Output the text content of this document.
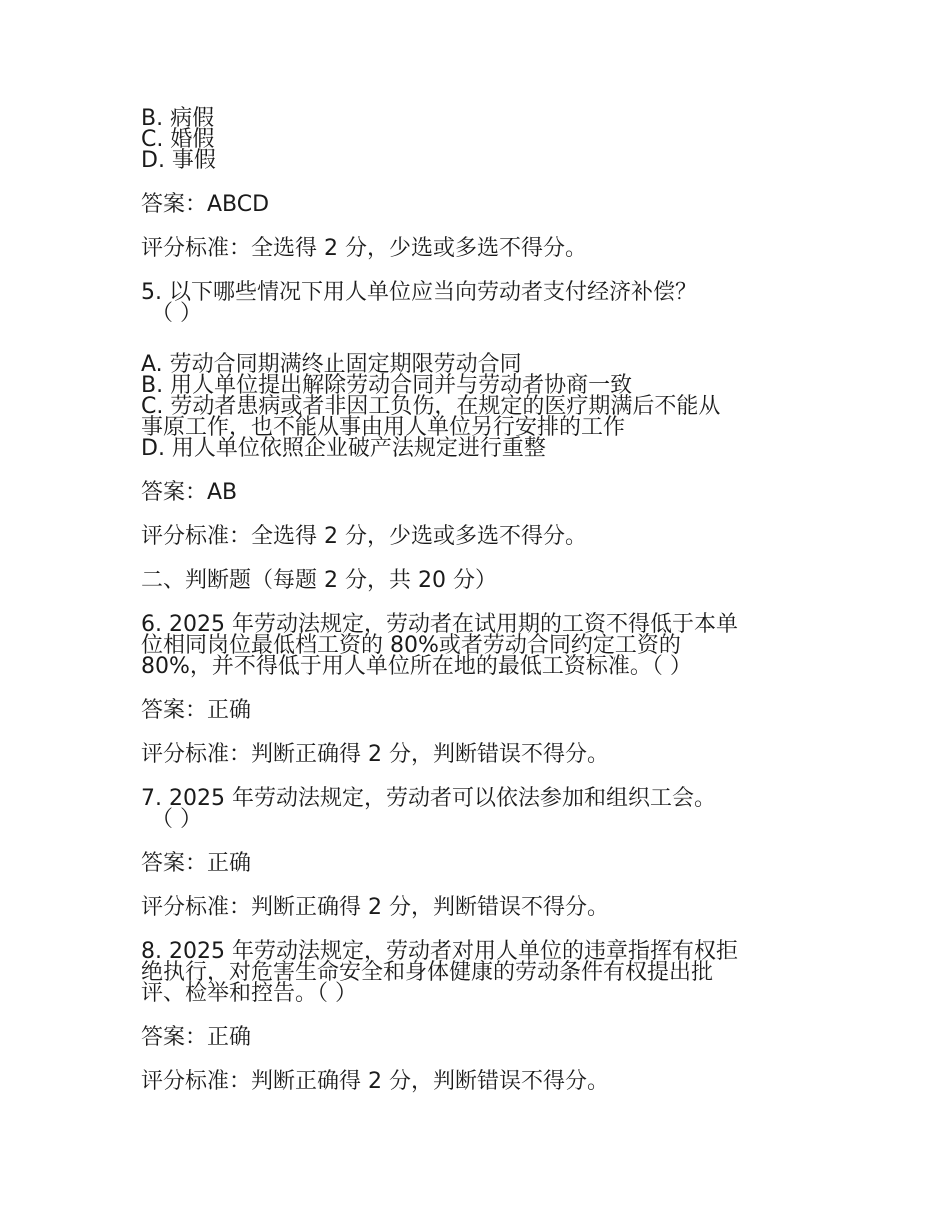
B. 病假
C. 婚假
D. 事假
答案：ABCD
评分标准：全选得 2 分，少选或多选不得分。
5. 以下哪些情况下用人单位应当向劳动者支付经济补偿？
（ ）
A. 劳动合同期满终止固定期限劳动合同
B. 用人单位提出解除劳动合同并与劳动者协商一致
C. 劳动者患病或者非因工负伤，在规定的医疗期满后不能从
事原工作，也不能从事由用人单位另行安排的工作
D. 用人单位依照企业破产法规定进行重整
答案：AB
评分标准：全选得 2 分，少选或多选不得分。
二、判断题（每题 2 分，共 20 分）
6. 2025 年劳动法规定，劳动者在试用期的工资不得低于本单
位相同岗位最低档工资的 80%或者劳动合同约定工资的
80%，并不得低于用人单位所在地的最低工资标准。（ ）
答案：正确
评分标准：判断正确得 2 分，判断错误不得分。
7. 2025 年劳动法规定，劳动者可以依法参加和组织工会。
（ ）
答案：正确
评分标准：判断正确得 2 分，判断错误不得分。
8. 2025 年劳动法规定，劳动者对用人单位的违章指挥有权拒
绝执行，对危害生命安全和身体健康的劳动条件有权提出批
评、检举和控告。（ ）
答案：正确
评分标准：判断正确得 2 分，判断错误不得分。
